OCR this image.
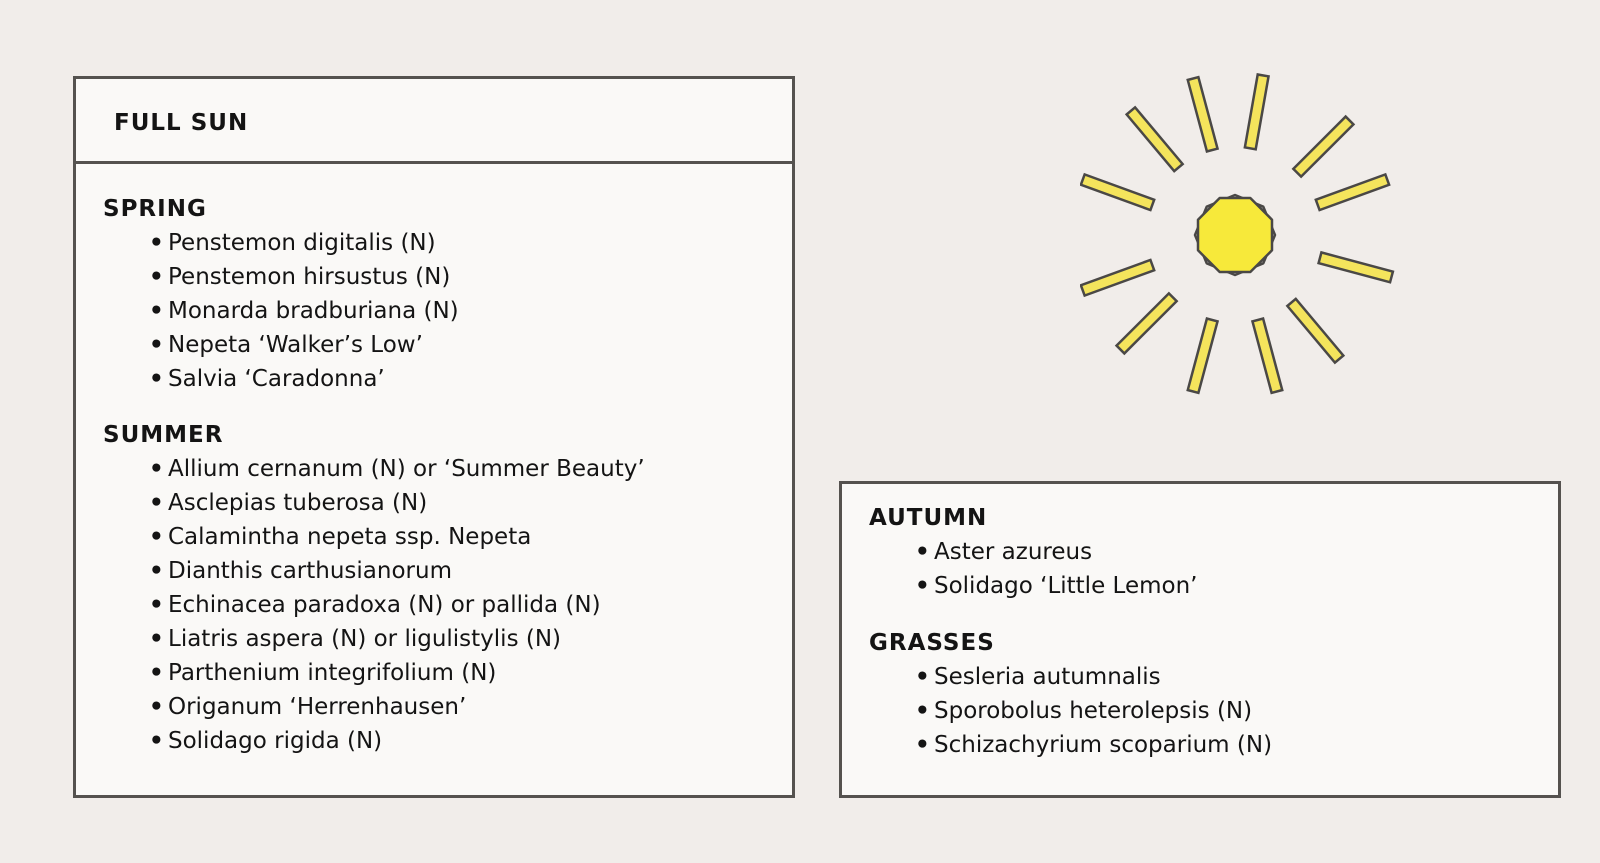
FULL SUN
SPRING
• Penstemon digitalis (N)
• Penstemon hirsustus (N)
• Monarda bradburiana (N)
• Nepeta ‘Walker’s Low’
• Salvia ‘Caradonna’
SUMMER
• Allium cernanum (N) or ‘Summer Beauty’
• Asclepias tuberosa (N)
• Calamintha nepeta ssp. Nepeta
• Dianthis carthusianorum
• Echinacea paradoxa (N) or pallida (N)
• Liatris aspera (N) or ligulistylis (N)
• Parthenium integrifolium (N)
• Origanum ‘Herrenhausen’
• Solidago rigida (N)
AUTUMN
• Aster azureus
• Solidago ‘Little Lemon’
GRASSES
• Sesleria autumnalis
• Sporobolus heterolepsis (N)
• Schizachyrium scoparium (N)
